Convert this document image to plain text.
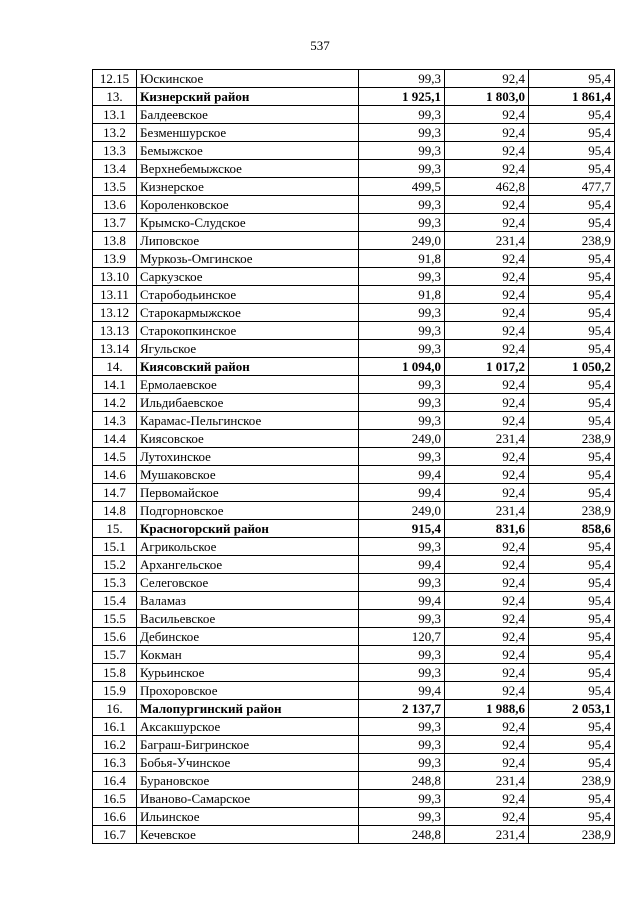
537
12.15	Юскинское	99,3	92,4	95,4
13.	Кизнерский район	1 925,1	1 803,0	1 861,4
13.1	Балдеевское	99,3	92,4	95,4
13.2	Безменшурское	99,3	92,4	95,4
13.3	Бемыжское	99,3	92,4	95,4
13.4	Верхнебемыжское	99,3	92,4	95,4
13.5	Кизнерское	499,5	462,8	477,7
13.6	Короленковское	99,3	92,4	95,4
13.7	Крымско-Слудское	99,3	92,4	95,4
13.8	Липовское	249,0	231,4	238,9
13.9	Муркозь-Омгинское	91,8	92,4	95,4
13.10	Саркузское	99,3	92,4	95,4
13.11	Старободьинское	91,8	92,4	95,4
13.12	Старокармыжское	99,3	92,4	95,4
13.13	Старокопкинское	99,3	92,4	95,4
13.14	Ягульское	99,3	92,4	95,4
14.	Киясовский район	1 094,0	1 017,2	1 050,2
14.1	Ермолаевское	99,3	92,4	95,4
14.2	Ильдибаевское	99,3	92,4	95,4
14.3	Карамас-Пельгинское	99,3	92,4	95,4
14.4	Киясовское	249,0	231,4	238,9
14.5	Лутохинское	99,3	92,4	95,4
14.6	Мушаковское	99,4	92,4	95,4
14.7	Первомайское	99,4	92,4	95,4
14.8	Подгорновское	249,0	231,4	238,9
15.	Красногорский район	915,4	831,6	858,6
15.1	Агрикольское	99,3	92,4	95,4
15.2	Архангельское	99,4	92,4	95,4
15.3	Селеговское	99,3	92,4	95,4
15.4	Валамаз	99,4	92,4	95,4
15.5	Васильевское	99,3	92,4	95,4
15.6	Дебинское	120,7	92,4	95,4
15.7	Кокман	99,3	92,4	95,4
15.8	Курьинское	99,3	92,4	95,4
15.9	Прохоровское	99,4	92,4	95,4
16.	Малопургинский район	2 137,7	1 988,6	2 053,1
16.1	Аксакшурское	99,3	92,4	95,4
16.2	Баграш-Бигринское	99,3	92,4	95,4
16.3	Бобья-Учинское	99,3	92,4	95,4
16.4	Бурановское	248,8	231,4	238,9
16.5	Иваново-Самарское	99,3	92,4	95,4
16.6	Ильинское	99,3	92,4	95,4
16.7	Кечевское	248,8	231,4	238,9
